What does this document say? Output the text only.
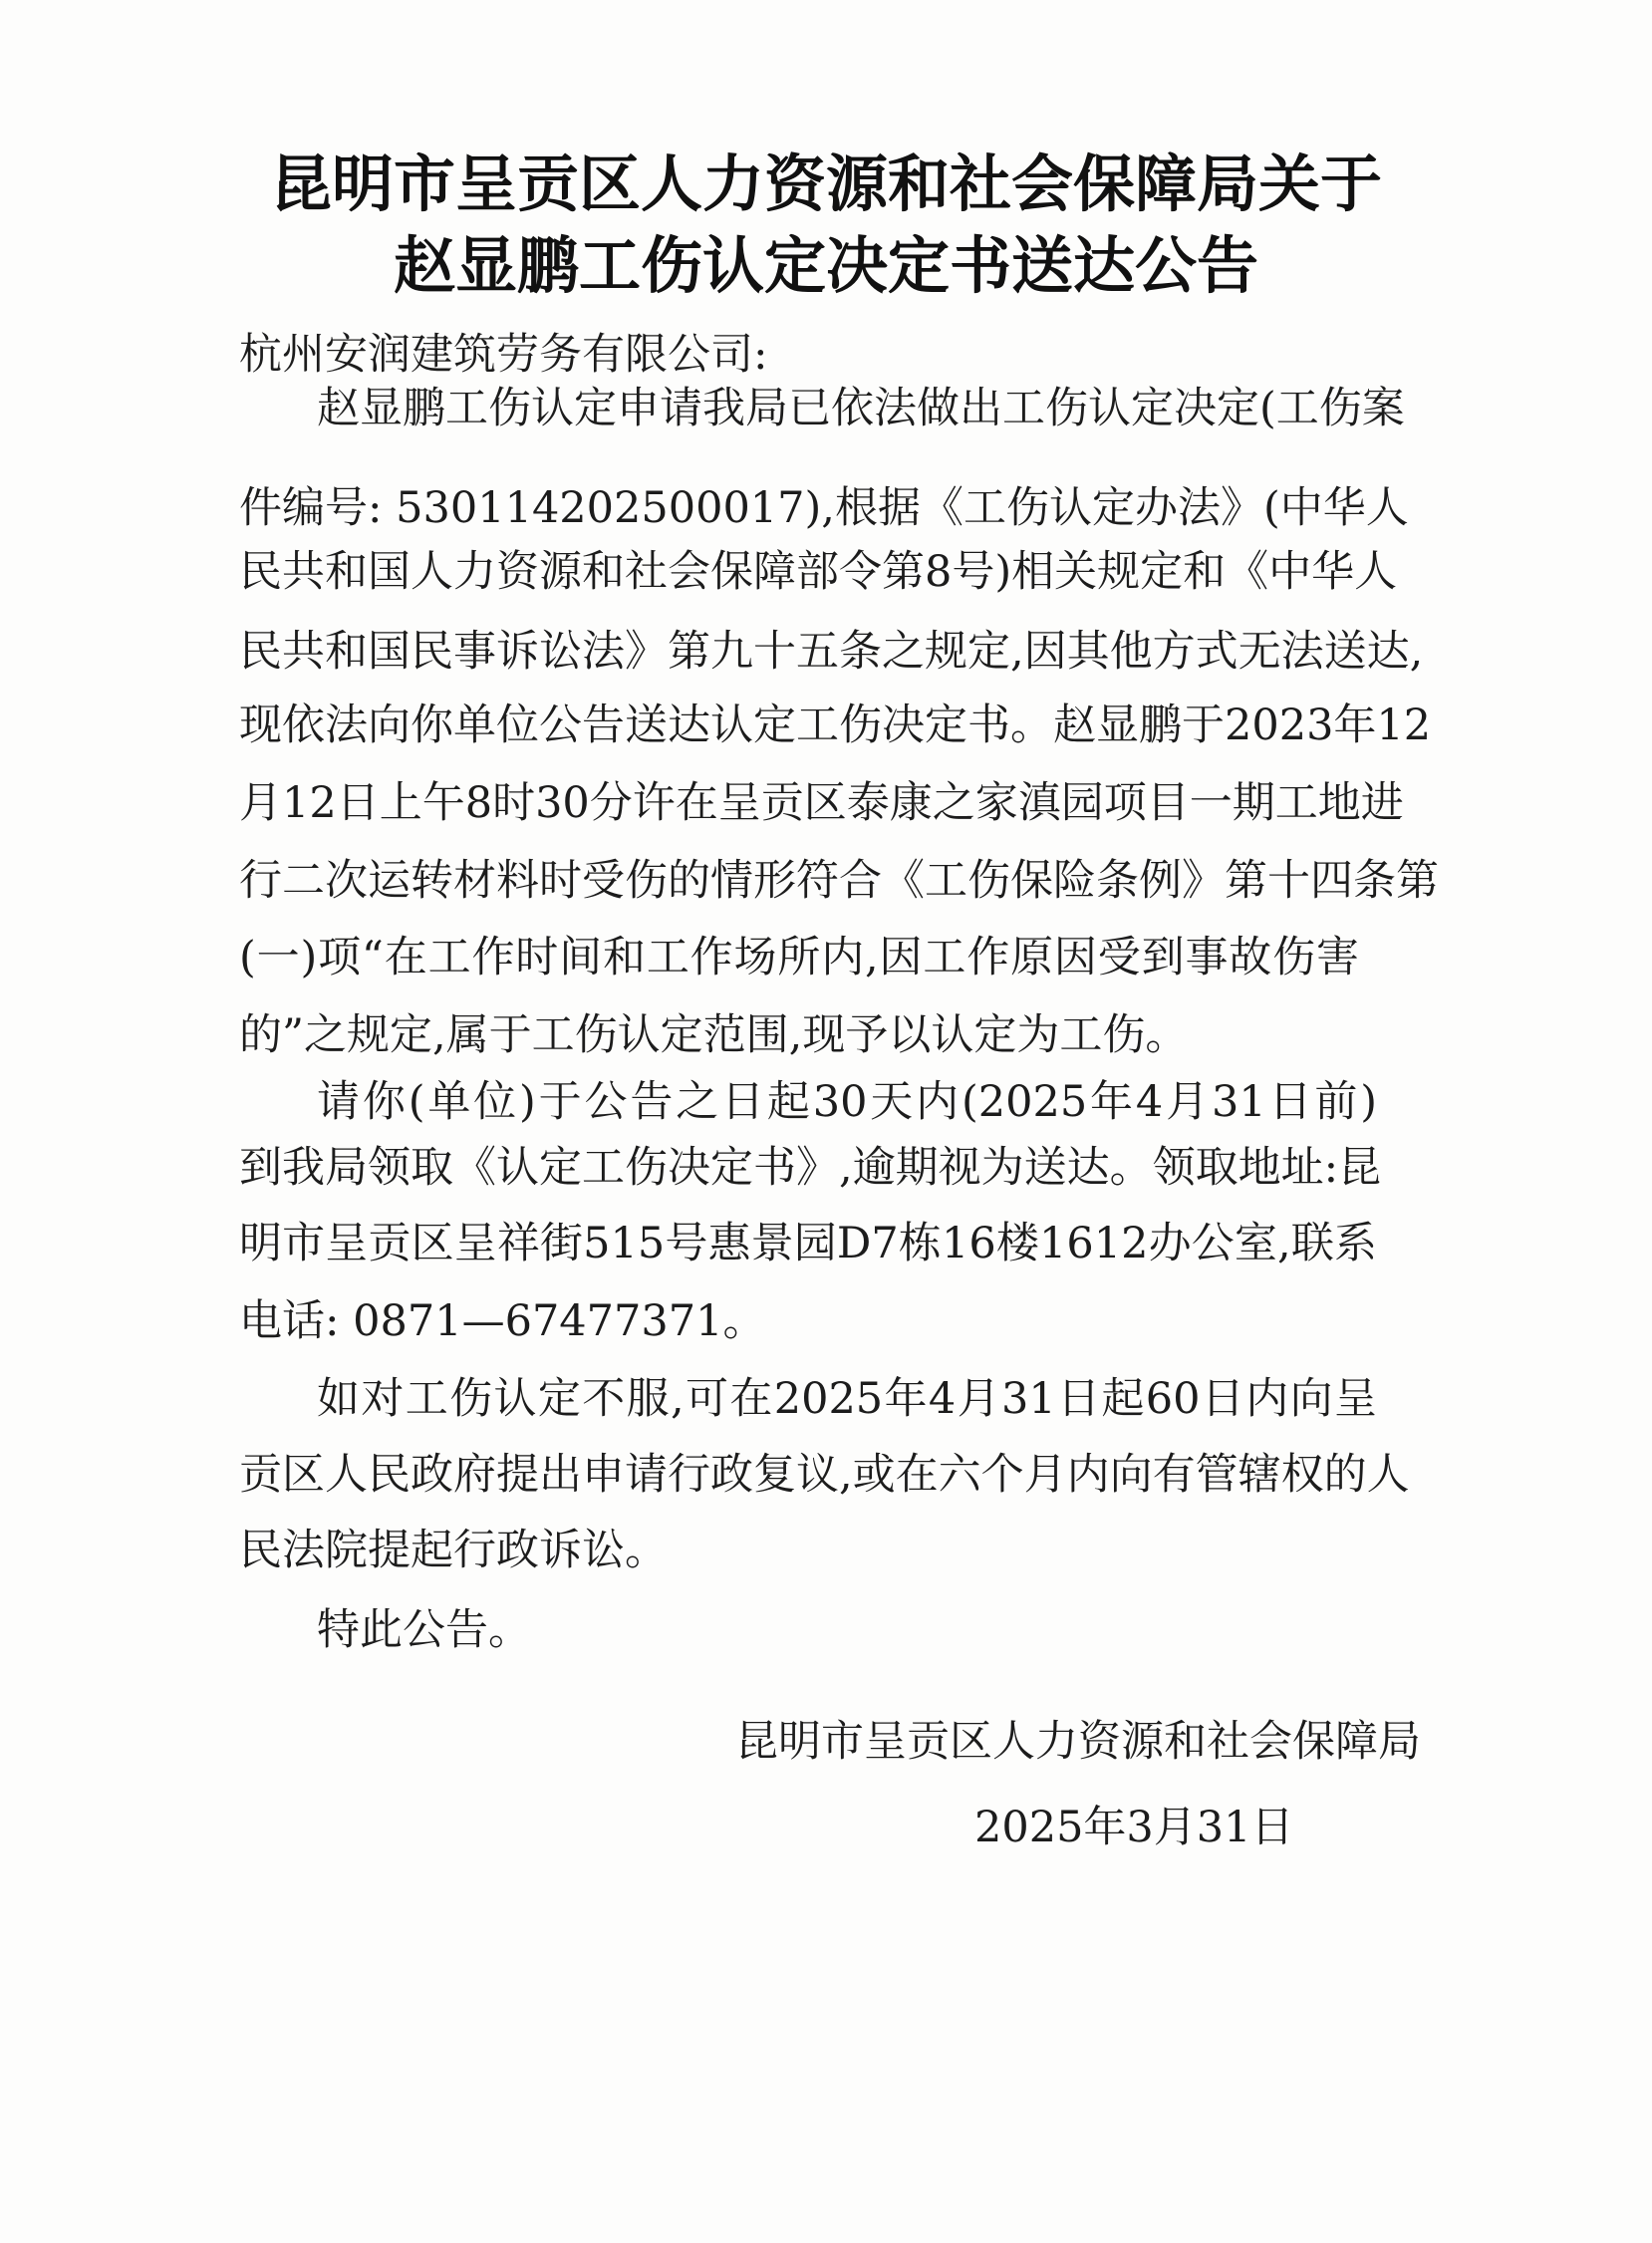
昆明市呈贡区人力资源和社会保障局关于
赵显鹏工伤认定决定书送达公告
杭州安润建筑劳务有限公司:
赵显鹏工伤认定申请我局已依法做出工伤认定决定(工伤案
件编号: 530114202500017),根据《工伤认定办法》(中华人
民共和国人力资源和社会保障部令第8号)相关规定和《中华人
民共和国民事诉讼法》第九十五条之规定,因其他方式无法送达,
现依法向你单位公告送达认定工伤决定书。赵显鹏于2023年12
月12日上午8时30分许在呈贡区泰康之家滇园项目一期工地进
行二次运转材料时受伤的情形符合《工伤保险条例》第十四条第
(一)项“在工作时间和工作场所内,因工作原因受到事故伤害
的”之规定,属于工伤认定范围,现予以认定为工伤。
请你(单位)于公告之日起30天内(2025年4月31日前)
到我局领取《认定工伤决定书》,逾期视为送达。领取地址:昆
明市呈贡区呈祥街515号惠景园D7栋16楼1612办公室,联系
电话: 0871—67477371。
如对工伤认定不服,可在2025年4月31日起60日内向呈
贡区人民政府提出申请行政复议,或在六个月内向有管辖权的人
民法院提起行政诉讼。
特此公告。
昆明市呈贡区人力资源和社会保障局
2025年3月31日
